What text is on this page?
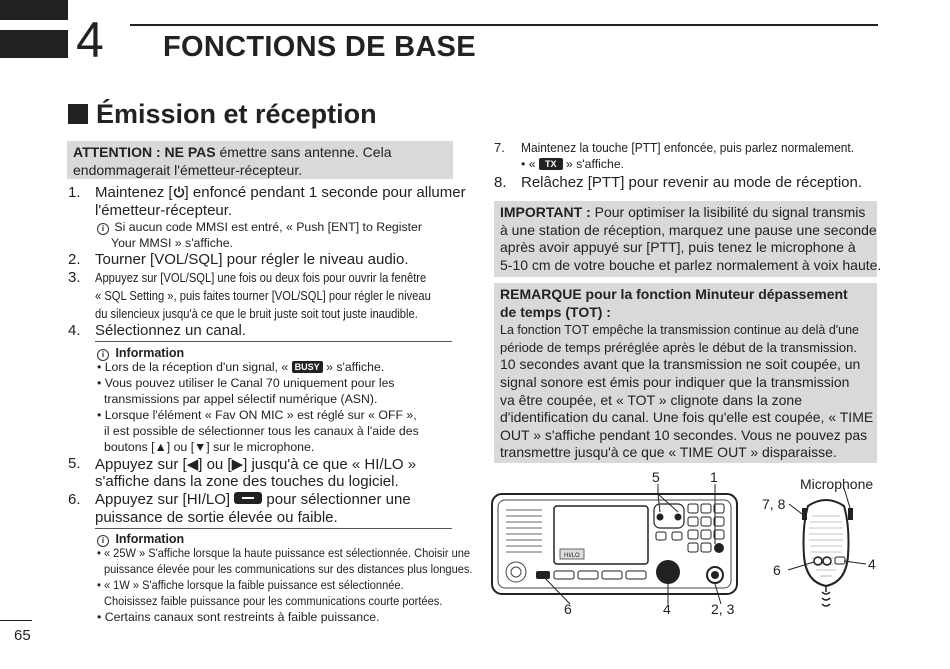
4 FONCTIONS DE BASE
Émission et réception
ATTENTION : NE PAS émettre sans antenne. Cela
endommagerait l'émetteur-récepteur.
1. Maintenez [ ] enfoncé pendant 1 seconde pour allumer
l'émetteur-récepteur.
i Si aucun code MMSI est entré, « Push [ENT] to Register
Your MMSI » s'affiche.
2. Tourner [VOL/SQL] pour régler le niveau audio.
3. Appuyez sur [VOL/SQL] une fois ou deux fois pour ouvrir la fenêtre
« SQL Setting », puis faites tourner [VOL/SQL] pour régler le niveau
du silencieux jusqu'à ce que le bruit juste soit tout juste inaudible.
4. Sélectionnez un canal.
i Information
• Lors de la réception d'un signal, « BUSY » s'affiche.
• Vous pouvez utiliser le Canal 70 uniquement pour les
transmissions par appel sélectif numérique (ASN).
• Lorsque l'élément « Fav ON MIC » est réglé sur « OFF »,
il est possible de sélectionner tous les canaux à l'aide des
boutons [▲] ou [▼] sur le microphone.
5. Appuyez sur [◀] ou [▶] jusqu'à ce que « HI/LO »
s'affiche dans la zone des touches du logiciel.
6. Appuyez sur [HI/LO]  pour sélectionner une
puissance de sortie élevée ou faible.
i Information
• « 25W » S'affiche lorsque la haute puissance est sélectionnée. Choisir une
puissance élevée pour les communications sur des distances plus longues.
• « 1W » S'affiche lorsque la faible puissance est sélectionnée.
Choisissez faible puissance pour les communications courte portées.
• Certains canaux sont restreints à faible puissance.
7. Maintenez la touche [PTT] enfoncée, puis parlez normalement.
• « TX » s'affiche.
8. Relâchez [PTT] pour revenir au mode de réception.
IMPORTANT : Pour optimiser la lisibilité du signal transmis
à une station de réception, marquez une pause une seconde
après avoir appuyé sur [PTT], puis tenez le microphone à
5-10 cm de votre bouche et parlez normalement à voix haute.
REMARQUE pour la fonction Minuteur dépassement
de temps (TOT) :
La fonction TOT empêche la transmission continue au delà d'une
période de temps préréglée après le début de la transmission.
10 secondes avant que la transmission ne soit coupée, un
signal sonore est émis pour indiquer que la transmission
va être coupée, et « TOT » clignote dans la zone
d'identification du canal. Une fois qu'elle est coupée, « TIME
OUT » s'affiche pendant 10 secondes. Vous ne pouvez pas
transmettre jusqu'à ce que « TIME OUT » disparaisse.
HI/LO
5	1
6	4	2, 3
Microphone
7, 8
6	4
65
